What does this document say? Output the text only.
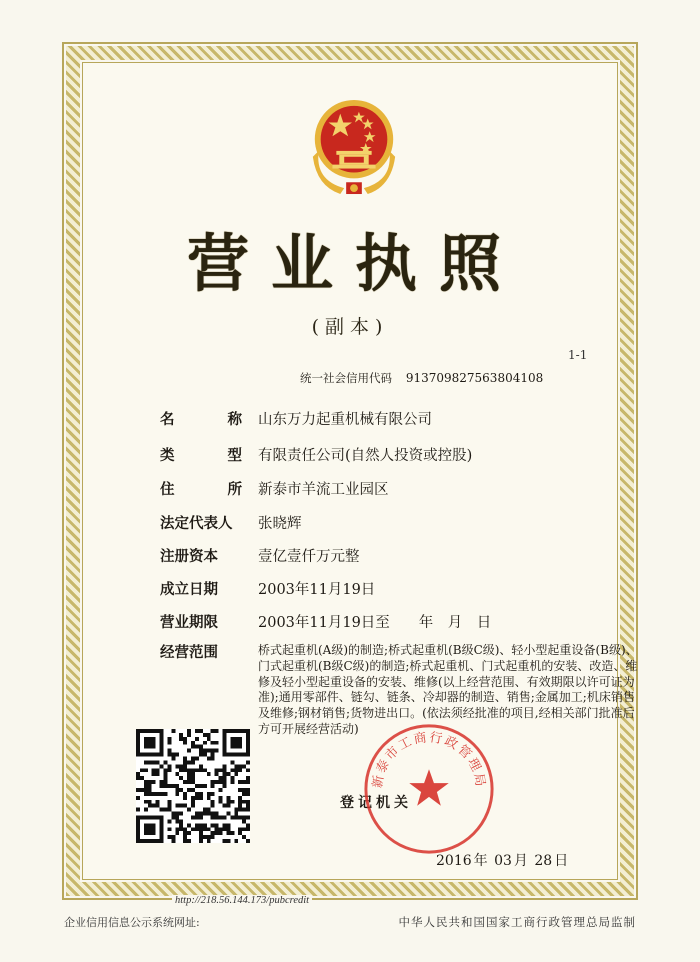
营业执照
(副本)
1-1
统一社会信用代码 913709827563804108
名	称 山东万力起重机械有限公司
类	型 有限责任公司(自然人投资或控股)
住	所 新泰市羊流工业园区
法定代表人	张晓辉
注册资本	壹亿壹仟万元整
成立日期	2003年11月19日
营业期限	2003年11月19日至　　年　月　日
经营范围	桥式起重机(A级)的制造;桥式起重机(B级C级)、轻小型起重设备(B级)、门式起重机(B级C级)的制造;桥式起重机、门式起重机的安装、改造、维修及轻小型起重设备的安装、维修(以上经营范围、有效期限以许可证为准);通用零部件、链勾、链条、冷却器的制造、销售;金属加工;机床销售及维修;钢材销售;货物进出口。(依法须经批准的项目,经相关部门批准后方可开展经营活动)
登记机关
新泰市工商行政管理局
2016 年 03 月 28 日
http://218.56.144.173/pubcredit
企业信用信息公示系统网址:	中华人民共和国国家工商行政管理总局监制
